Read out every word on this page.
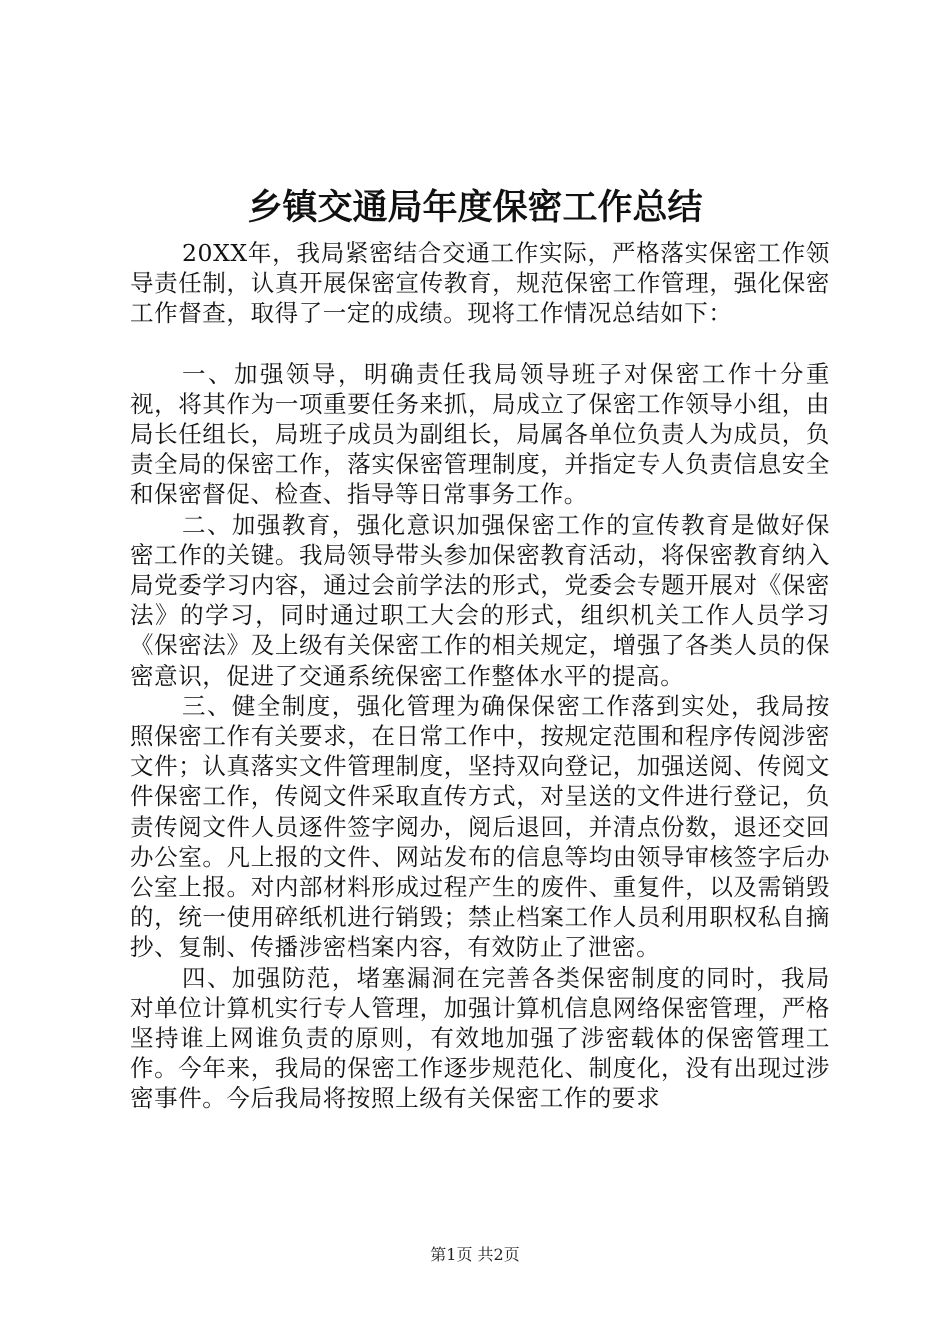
乡镇交通局年度保密工作总结

20XX年，我局紧密结合交通工作实际，严格落实保密工作领导责任制，认真开展保密宣传教育，规范保密工作管理，强化保密工作督查，取得了一定的成绩。现将工作情况总结如下：

一、加强领导，明确责任我局领导班子对保密工作十分重视，将其作为一项重要任务来抓，局成立了保密工作领导小组，由局长任组长，局班子成员为副组长，局属各单位负责人为成员，负责全局的保密工作，落实保密管理制度，并指定专人负责信息安全和保密督促、检查、指导等日常事务工作。

二、加强教育，强化意识加强保密工作的宣传教育是做好保密工作的关键。我局领导带头参加保密教育活动，将保密教育纳入局党委学习内容，通过会前学法的形式，党委会专题开展对《保密法》的学习，同时通过职工大会的形式，组织机关工作人员学习《保密法》及上级有关保密工作的相关规定，增强了各类人员的保密意识，促进了交通系统保密工作整体水平的提高。

三、健全制度，强化管理为确保保密工作落到实处，我局按照保密工作有关要求，在日常工作中，按规定范围和程序传阅涉密文件；认真落实文件管理制度，坚持双向登记，加强送阅、传阅文件保密工作，传阅文件采取直传方式，对呈送的文件进行登记，负责传阅文件人员逐件签字阅办，阅后退回，并清点份数，退还交回办公室。凡上报的文件、网站发布的信息等均由领导审核签字后办公室上报。对内部材料形成过程产生的废件、重复件，以及需销毁的，统一使用碎纸机进行销毁；禁止档案工作人员利用职权私自摘抄、复制、传播涉密档案内容，有效防止了泄密。

四、加强防范，堵塞漏洞在完善各类保密制度的同时，我局对单位计算机实行专人管理，加强计算机信息网络保密管理，严格坚持谁上网谁负责的原则，有效地加强了涉密载体的保密管理工作。今年来，我局的保密工作逐步规范化、制度化，没有出现过涉密事件。今后我局将按照上级有关保密工作的要求

第1页 共2页
